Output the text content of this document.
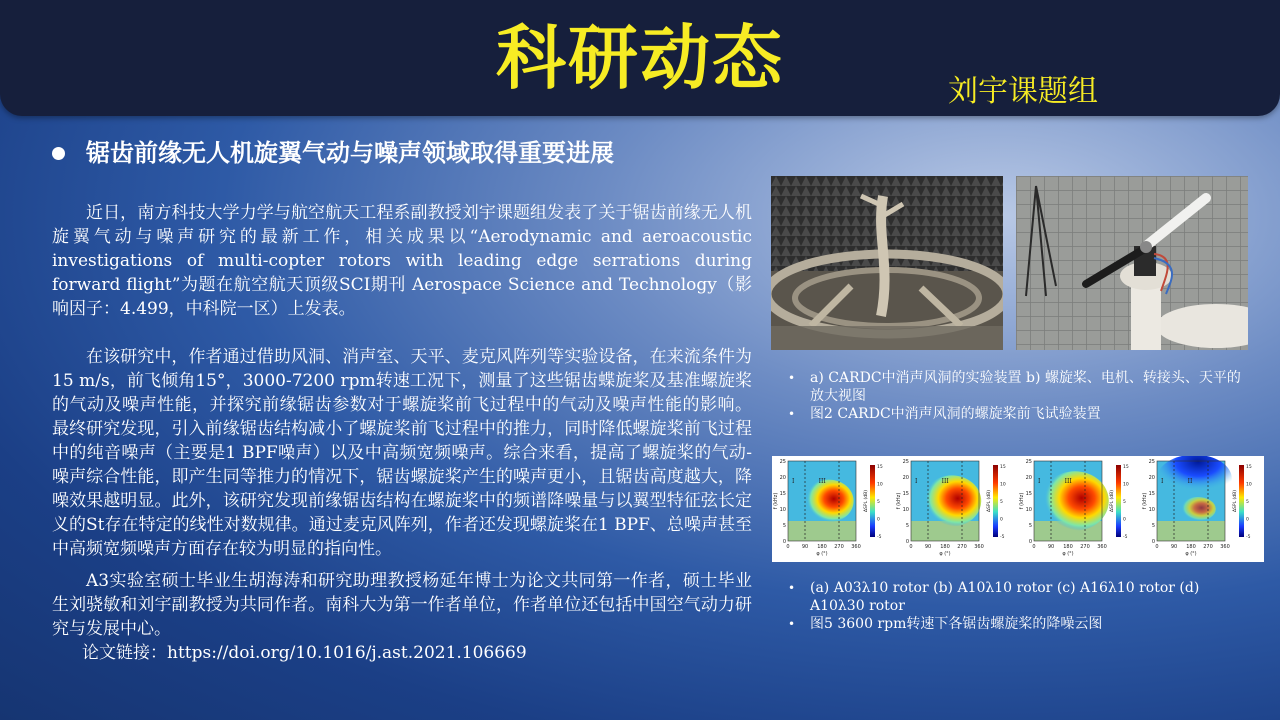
科研动态	刘宇课题组
锯齿前缘无人机旋翼气动与噪声领域取得重要进展

近日，南方科技大学力学与航空航天工程系副教授刘宇课题组发表了关于锯齿前缘无人机旋翼气动与噪声研究的最新工作，相关成果以“Aerodynamic and aeroacoustic investigations of multi-copter rotors with leading edge serrations during forward flight”为题在航空航天顶级SCI期刊 Aerospace Science and Technology（影响因子：4.499，中科院一区）上发表。

在该研究中，作者通过借助风洞、消声室、天平、麦克风阵列等实验设备，在来流条件为15 m/s，前飞倾角15°，3000-7200 rpm转速工况下，测量了这些锯齿蝶旋桨及基准螺旋桨的气动及噪声性能，并探究前缘锯齿参数对于螺旋桨前飞过程中的气动及噪声性能的影响。 最终研究发现，引入前缘锯齿结构减小了螺旋桨前飞过程中的推力，同时降低螺旋桨前飞过程中的纯音噪声（主要是1 BPF噪声）以及中高频宽频噪声。综合来看，提高了螺旋桨的气动-噪声综合性能，即产生同等推力的情况下，锯齿螺旋桨产生的噪声更小，且锯齿高度越大，降噪效果越明显。此外，该研究发现前缘锯齿结构在螺旋桨中的频谱降噪量与以翼型特征弦长定义的St存在特定的线性对数规律。通过麦克风阵列，作者还发现螺旋桨在1 BPF、总噪声甚至中高频宽频噪声方面存在较为明显的指向性。

A3实验室硕士毕业生胡海涛和研究助理教授杨延年博士为论文共同第一作者，硕士毕业生刘骁敏和刘宇副教授为共同作者。南科大为第一作者单位，作者单位还包括中国空气动力研究与发展中心。

论文链接：https://doi.org/10.1016/j.ast.2021.106669

• a) CARDC中消声风洞的实验装置 b) 螺旋桨、电机、转接头、天平的放大视图
• 图2 CARDC中消声风洞的螺旋桨前飞试验装置
I	III
25
20
15
10
5
0
f (kHz)
0 90 180 270 360
φ (°)
15
10
5
0
-5
ΔSPL (dB)
I	III
25
20
15
10
5
0
f (kHz)
0 90 180 270 360
φ (°)
15
10
5
0
-5
ΔSPL (dB)
I	III
25
20
15
10
5
0
f (kHz)
0 90 180 270 360
φ (°)
15
10
5
0
-5
ΔSPL (dB)
I	II
25
20
15
10
5
0
f (kHz)
0 90 180 270 360
φ (°)
15
10
5
0
-5
ΔSPL (dB)
• (a) A03λ10 rotor (b) A10λ10 rotor (c) A16λ10 rotor (d) A10λ30 rotor
• 图5 3600 rpm转速下各锯齿螺旋桨的降噪云图
